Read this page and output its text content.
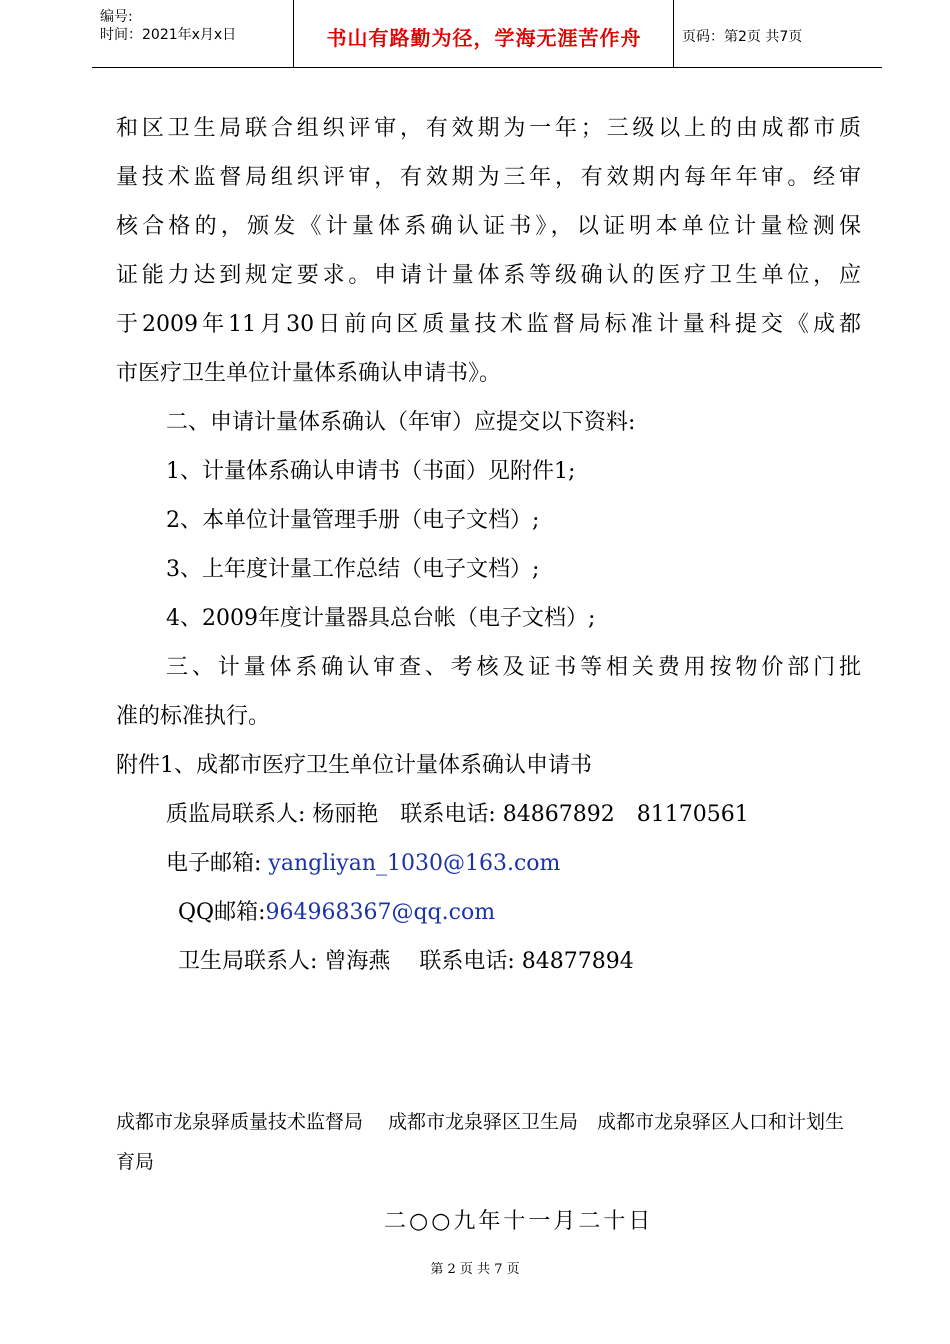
编号:
时间：2021年x月x日	书山有路勤为径，学海无涯苦作舟	页码：第2页 共7页
和区卫生局联合组织评审，有效期为一年；三级以上的由成都市质
量技术监督局组织评审，有效期为三年，有效期内每年年审。经审
核合格的，颁发《计量体系确认证书》，以证明本单位计量检测保
证能力达到规定要求。申请计量体系等级确认的医疗卫生单位，应
于2009年11月30日前向区质量技术监督局标准计量科提交《成都
市医疗卫生单位计量体系确认申请书》。
二、申请计量体系确认（年审）应提交以下资料:
1、计量体系确认申请书（书面）见附件1;
2、本单位计量管理手册（电子文档）;
3、上年度计量工作总结（电子文档）;
4、2009年度计量器具总台帐（电子文档）;
三、计量体系确认审查、考核及证书等相关费用按物价部门批
准的标准执行。
附件1、成都市医疗卫生单位计量体系确认申请书
质监局联系人: 杨丽艳　联系电话: 84867892　81170561
电子邮箱: yangliyan_1030@163.com
QQ邮箱:964968367@qq.com
卫生局联系人: 曾海燕　 联系电话: 84877894
成都市龙泉驿质量技术监督局　 成都市龙泉驿区卫生局　成都市龙泉驿区人口和计划生
育局
二○○九年十一月二十日
第 2 页 共 7 页
